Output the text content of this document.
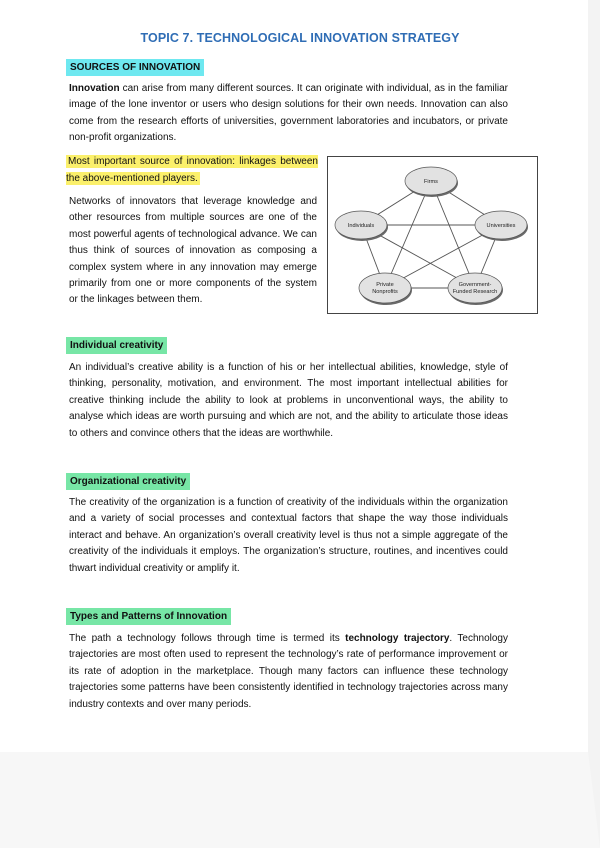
TOPIC 7. TECHNOLOGICAL INNOVATION STRATEGY
SOURCES OF INNOVATION

Innovation can arise from many different sources. It can originate with individual, as in the familiar image of the lone inventor or users who design solutions for their own needs. Innovation can also come from the research efforts of universities, government laboratories and incubators, or private non-profit organizations.

Most important source of innovation: linkages between the above-mentioned players.

Networks of innovators that leverage knowledge and other resources from multiple sources are one of the most powerful agents of technological advance. We can thus think of sources of innovation as composing a complex system where in any innovation may emerge primarily from one or more components of the system or the linkages between them.

Firms
Individuals	Universities
Private
Nonprofits
Government-
Funded Research
Individual creativity

An individual’s creative ability is a function of his or her intellectual abilities, knowledge, style of thinking, personality, motivation, and environment. The most important intellectual abilities for creative thinking include the ability to look at problems in unconventional ways, the ability to analyse which ideas are worth pursuing and which are not, and the ability to articulate those ideas to others and convince others that the ideas are worthwhile.

Organizational creativity

The creativity of the organization is a function of creativity of the individuals within the organization and a variety of social processes and contextual factors that shape the way those individuals interact and behave. An organization’s overall creativity level is thus not a simple aggregate of the creativity of the individuals it employs. The organization’s structure, routines, and incentives could thwart individual creativity or amplify it.

Types and Patterns of Innovation

The path a technology follows through time is termed its technology trajectory. Technology trajectories are most often used to represent the technology’s rate of performance improvement or its rate of adoption in the marketplace. Though many factors can influence these technology trajectories some patterns have been consistently identified in technology trajectories across many industry contexts and over many periods.
